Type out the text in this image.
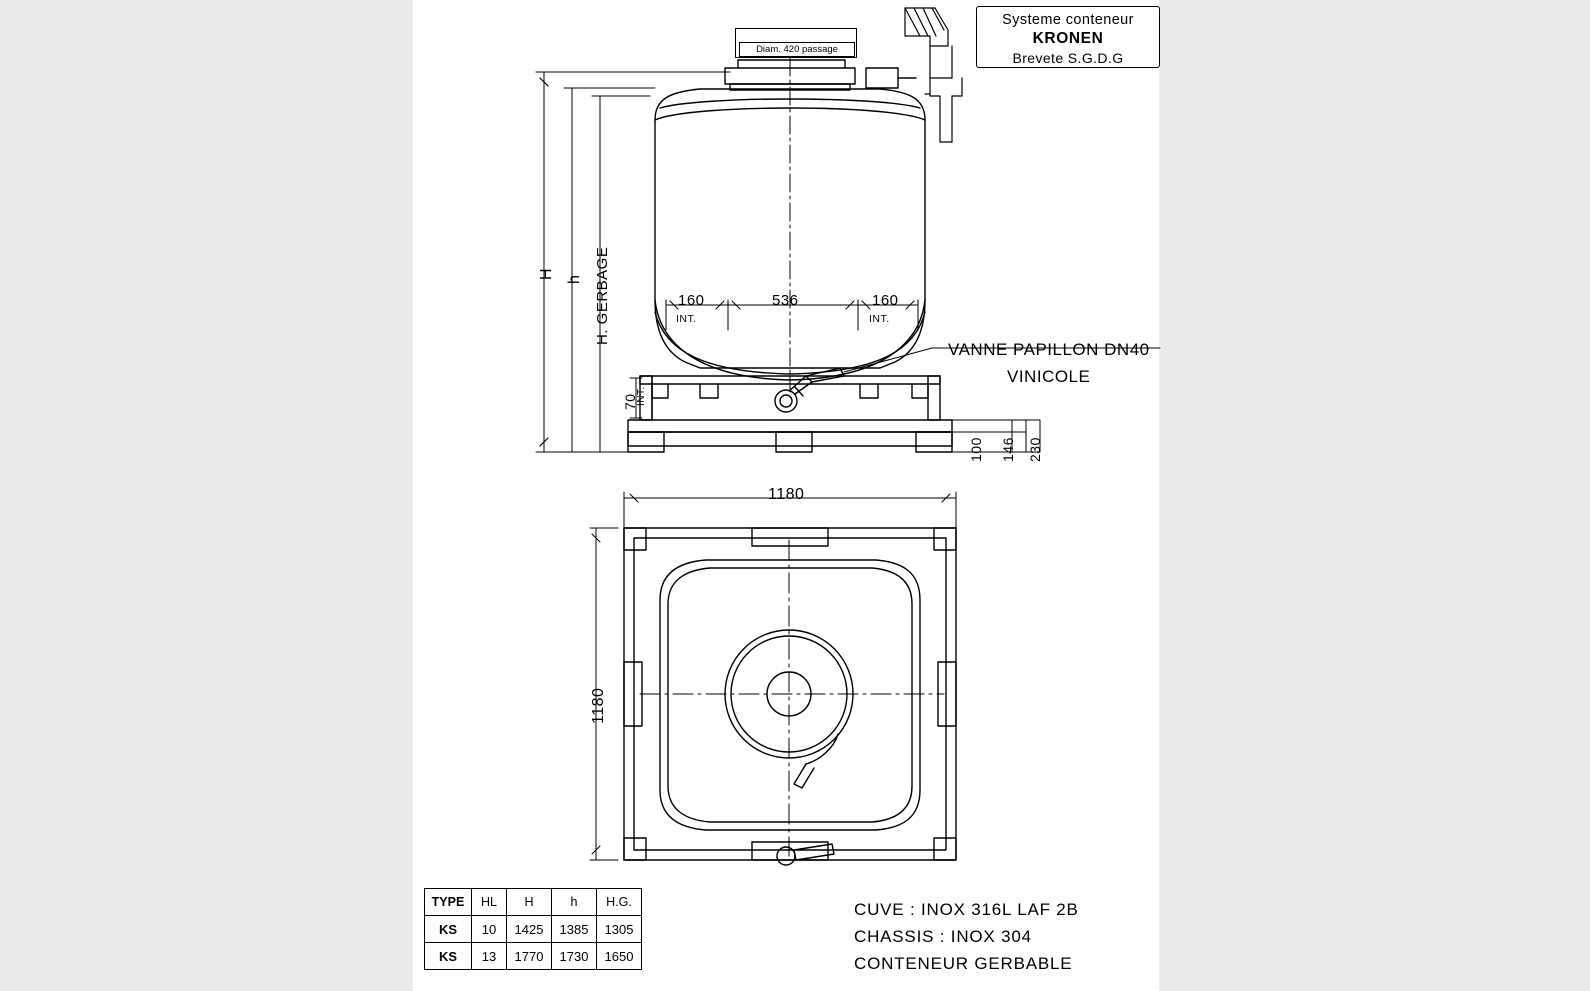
Systeme conteneur
KRONEN
Brevete S.G.D.G
Diam. 420 passage
H h H. GERBAGE	160
INT.
536	160
INT.
70
INT.
100 146 230
VANNE PAPILLON DN40
VINICOLE
1180
1180
TYPE	HL	H	h	H.G.
KS	10	1425	1385	1305
KS	13	1770	1730	1650
CUVE : INOX 316L LAF 2B
CHASSIS : INOX 304
CONTENEUR GERBABLE
